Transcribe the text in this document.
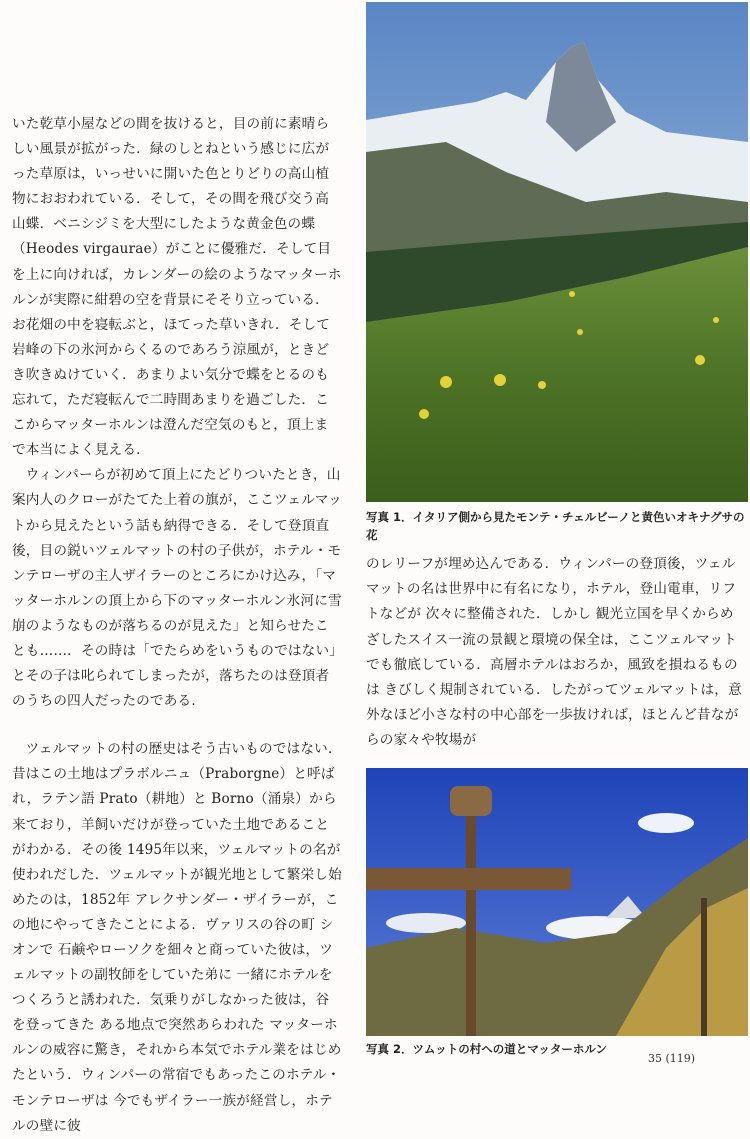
写真 1．イタリア側から見たモンテ・チェルビーノと黄色いオキナグサの花
写真 2．ツムットの村への道とマッターホルン

いた乾草小屋などの間を抜けると，目の前に素晴らしい風景が拡がった．緑のしとねという感じに広がった草原は，いっせいに開いた色とりどりの高山植物におおわれている．そして，その間を飛び交う高山蝶．ベニシジミを大型にしたような黄金色の蝶（Heodes virgaurae）がことに優雅だ．そして目を上に向ければ，カレンダーの絵のようなマッターホルンが実際に紺碧の空を背景にそそり立っている．お花畑の中を寝転ぶと，ほてった草いきれ．そして岩峰の下の氷河からくるのであろう涼風が，ときどき吹きぬけていく．あまりよい気分で蝶をとるのも忘れて，ただ寝転んで二時間あまりを過ごした．ここからマッターホルンは澄んだ空気のもと，頂上まで本当によく見える．

ウィンパーらが初めて頂上にたどりついたとき，山案内人のクローがたてた上着の旗が，ここツェルマットから見えたという話も納得できる．そして登頂直後，目の鋭いツェルマットの村の子供が，ホテル・モンテローザの主人ザイラーのところにかけ込み，「マッターホルンの頂上から下のマッターホルン氷河に雪崩のようなものが落ちるのが見えた」と知らせたことも……．その時は「でたらめをいうものではない」とその子は叱られてしまったが，落ちたのは登頂者のうちの四人だったのである．

ツェルマットの村の歴史はそう古いものではない．昔はこの土地はプラボルニュ（Praborgne）と呼ばれ，ラテン語 Prato（耕地）と Borno（涌泉）から来ており，羊飼いだけが登っていた土地であることがわかる．その後 1495年以来，ツェルマットの名が使われだした．ツェルマットが観光地として繁栄し始めたのは，1852年 アレクサンダー・ザイラーが，この地にやってきたことによる．ヴァリスの谷の町 シオンで 石鹸やローソクを細々と商っていた彼は，ツェルマットの副牧師をしていた弟に 一緒にホテルをつくろうと誘われた．気乗りがしなかった彼は，谷を登ってきた ある地点で突然あらわれた マッターホルンの威容に驚き，それから本気でホテル業をはじめたという．ウィンパーの常宿でもあったこのホテル・モンテローザは 今でもザイラー一族が経営し，ホテルの壁に彼

のレリーフが埋め込んである．ウィンパーの登頂後，ツェルマットの名は世界中に有名になり，ホテル，登山電車，リフトなどが 次々に整備された．しかし 観光立国を早くからめざしたスイス一流の景観と環境の保全は，ここツェルマットでも徹底している．高層ホテルはおろか，風致を損ねるものは きびしく規制されている．したがってツェルマットは，意外なほど小さな村の中心部を一歩抜ければ，ほとんど昔ながらの家々や牧場が

35 (119)
